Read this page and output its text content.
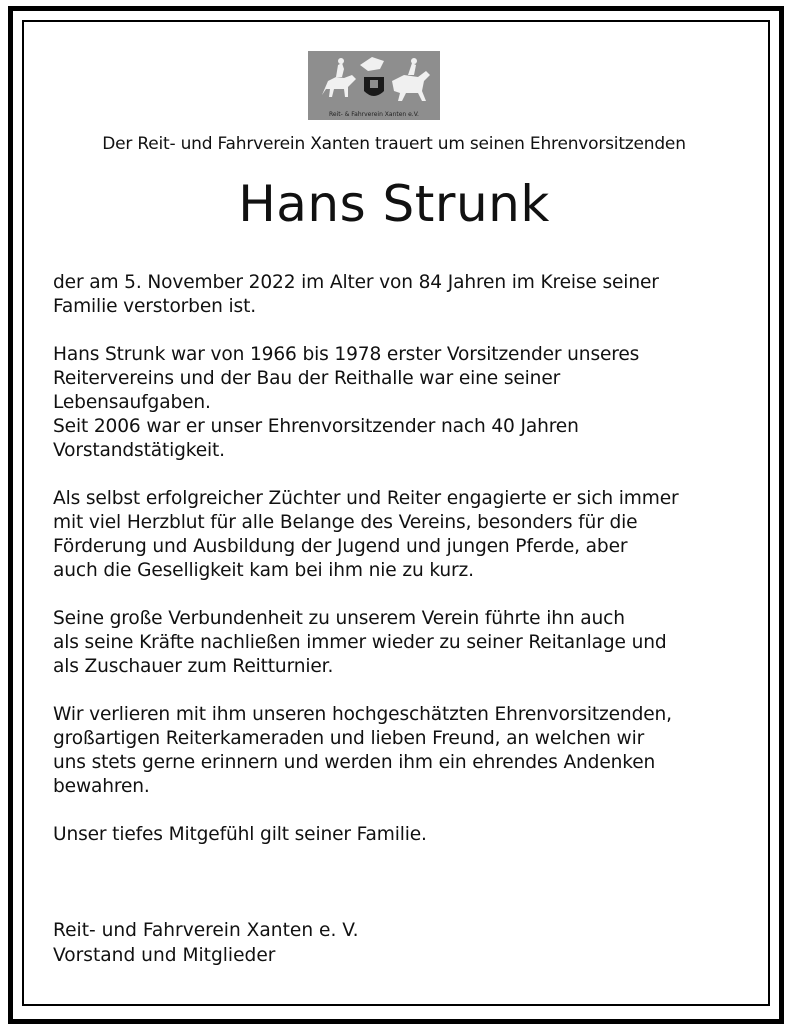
Reit- & Fahrverein Xanten e.V.
Der Reit- und Fahrverein Xanten trauert um seinen Ehrenvorsitzenden
Hans Strunk

der am 5. November 2022 im Alter von 84 Jahren im Kreise seiner
Familie verstorben ist.

Hans Strunk war von 1966 bis 1978 erster Vorsitzender unseres
Reitervereins und der Bau der Reithalle war eine seiner
Lebensaufgaben.
Seit 2006 war er unser Ehrenvorsitzender nach 40 Jahren
Vorstandstätigkeit.

Als selbst erfolgreicher Züchter und Reiter engagierte er sich immer
mit viel Herzblut für alle Belange des Vereins, besonders für die
Förderung und Ausbildung der Jugend und jungen Pferde, aber
auch die Geselligkeit kam bei ihm nie zu kurz.

Seine große Verbundenheit zu unserem Verein führte ihn auch
als seine Kräfte nachließen immer wieder zu seiner Reitanlage und
als Zuschauer zum Reitturnier.

Wir verlieren mit ihm unseren hochgeschätzten Ehrenvorsitzenden,
großartigen Reiterkameraden und lieben Freund, an welchen wir
uns stets gerne erinnern und werden ihm ein ehrendes Andenken
bewahren.

Unser tiefes Mitgefühl gilt seiner Familie.

Reit- und Fahrverein Xanten e. V.
Vorstand und Mitglieder
